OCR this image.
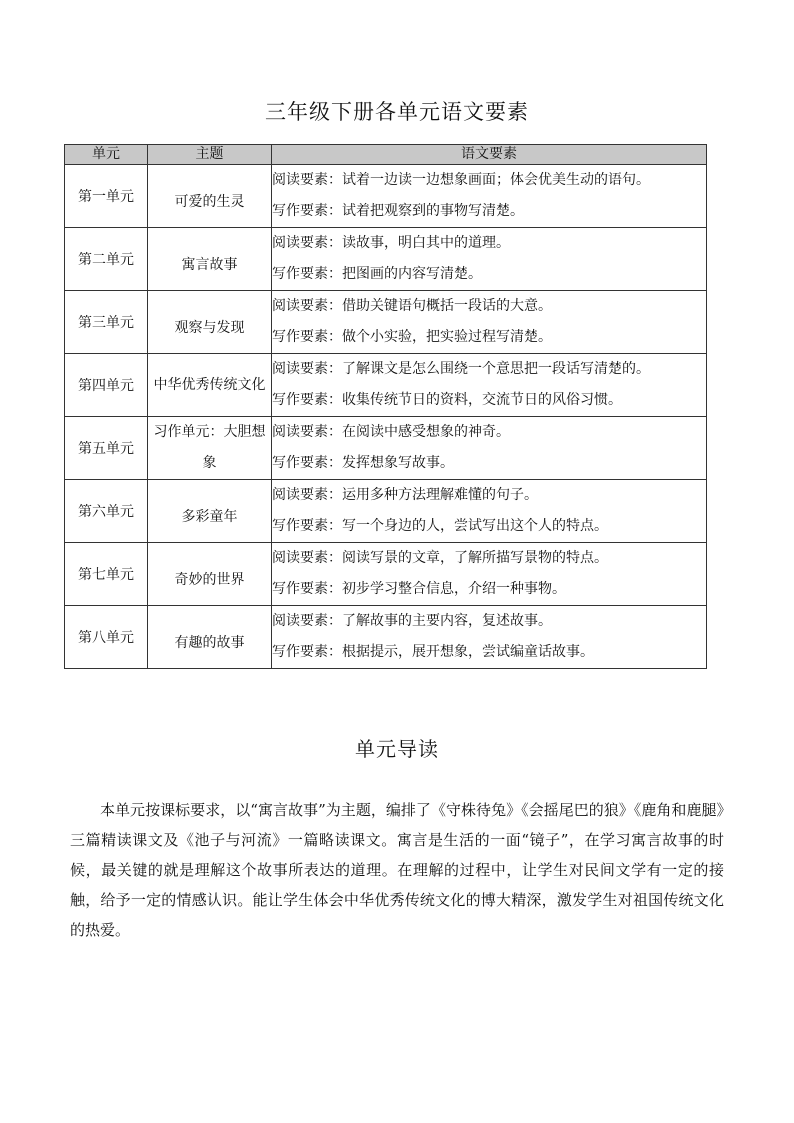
三年级下册各单元语文要素
单元	主题	语文要素
第一单元	可爱的生灵	阅读要素：试着一边读一边想象画面；体会优美生动的语句。
写作要素：试着把观察到的事物写清楚。

第二单元	寓言故事	阅读要素：读故事，明白其中的道理。
写作要素：把图画的内容写清楚。

第三单元	观察与发现	阅读要素：借助关键语句概括一段话的大意。
写作要素：做个小实验，把实验过程写清楚。

第四单元	中华优秀传统文化	阅读要素：了解课文是怎么围绕一个意思把一段话写清楚的。
写作要素：收集传统节日的资料，交流节日的风俗习惯。

第五单元	习作单元：大胆想象	阅读要素：在阅读中感受想象的神奇。
写作要素：发挥想象写故事。

第六单元	多彩童年	阅读要素：运用多种方法理解难懂的句子。
写作要素：写一个身边的人，尝试写出这个人的特点。

第七单元	奇妙的世界	阅读要素：阅读写景的文章，了解所描写景物的特点。
写作要素：初步学习整合信息，介绍一种事物。

第八单元	有趣的故事	阅读要素：了解故事的主要内容，复述故事。
写作要素：根据提示，展开想象，尝试编童话故事。
单元导读

本单元按课标要求，以“寓言故事”为主题，编排了《守株待兔》《会摇尾巴的狼》《鹿角和鹿腿》三篇精读课文及《池子与河流》一篇略读课文。寓言是生活的一面“镜子”，在学习寓言故事的时候，最关键的就是理解这个故事所表达的道理。在理解的过程中，让学生对民间文学有一定的接触，给予一定的情感认识。能让学生体会中华优秀传统文化的博大精深，激发学生对祖国传统文化的热爱。
